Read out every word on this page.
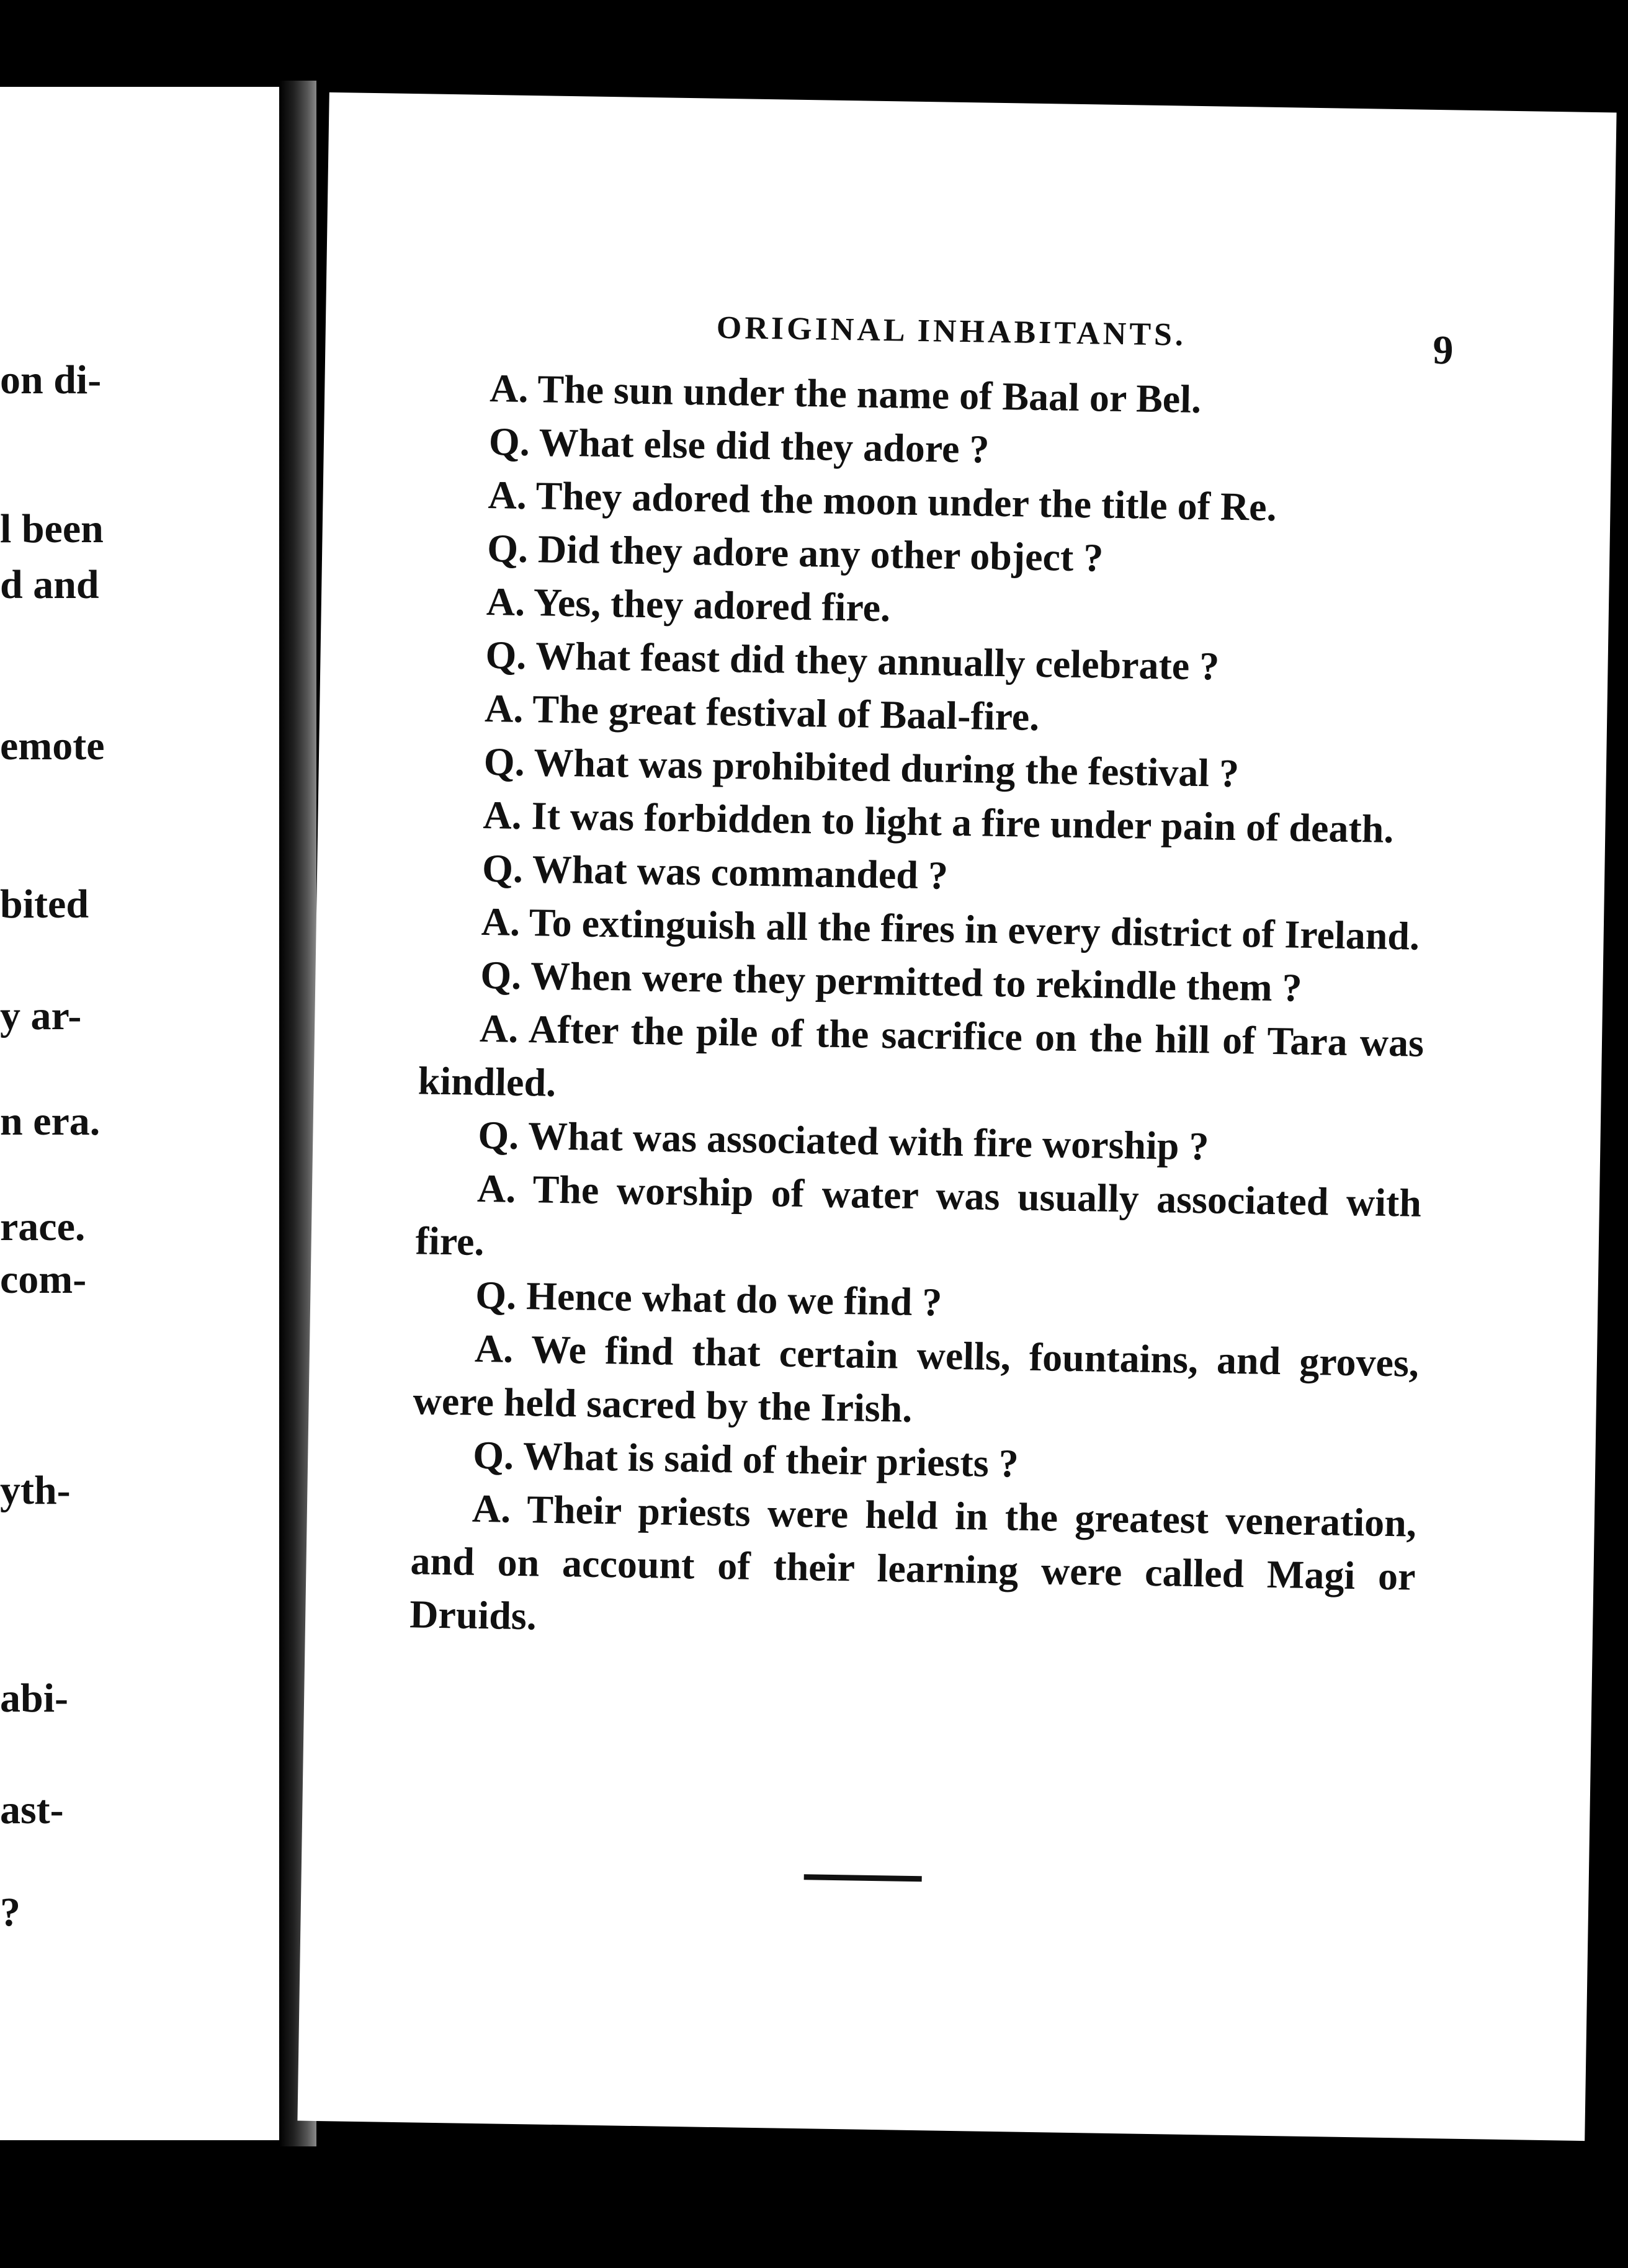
on di-
l been
d and
emote
bited
y ar-
n era.
race.
com-
yth-
abi-
ast-
?
ORIGINAL INHABITANTS.	9

A. The sun under the name of Baal or Bel.

Q. What else did they adore ?

A. They adored the moon under the title of Re.

Q. Did they adore any other object ?

A. Yes, they adored fire.

Q. What feast did they annually celebrate ?

A. The great festival of Baal-fire.

Q. What was prohibited during the festival ?

A. It was forbidden to light a fire under pain of death.

Q. What was commanded ?

A. To extinguish all the fires in every district of Ireland.

Q. When were they permitted to rekindle them ?

A. After the pile of the sacrifice on the hill of Tara was kindled.

Q. What was associated with fire worship ?

A. The worship of water was usually associated with fire.

Q. Hence what do we find ?

A. We find that certain wells, fountains, and groves, were held sacred by the Irish.

Q. What is said of their priests ?

A. Their priests were held in the greatest veneration, and on account of their learning were called Magi or Druids.
